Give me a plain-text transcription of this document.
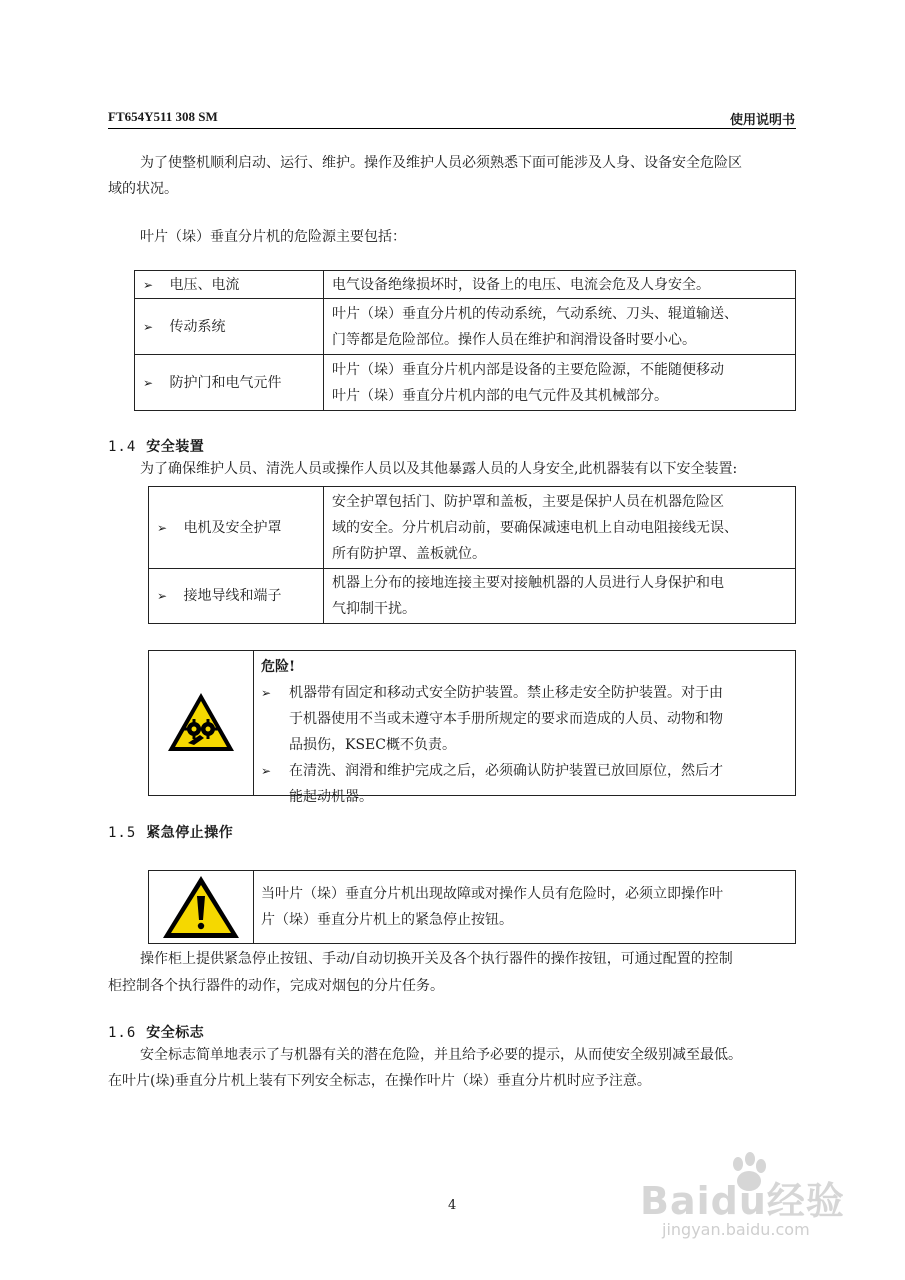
FT654Y511 308 SM	使用说明书

为了使整机顺利启动、运行、维护。操作及维护人员必须熟悉下面可能涉及人身、设备安全危险区

域的状况。

叶片（垛）垂直分片机的危险源主要包括：

➢ 电压、电流	电气设备绝缘损坏时，设备上的电压、电流会危及人身安全。

➢ 传动系统	叶片（垛）垂直分片机的传动系统，气动系统、刀头、辊道输送、
门等都是危险部位。操作人员在维护和润滑设备时要小心。

➢ 防护门和电气元件	叶片（垛）垂直分片机内部是设备的主要危险源，不能随便移动
叶片（垛）垂直分片机内部的电气元件及其机械部分。
1.4 安全装置

为了确保维护人员、清洗人员或操作人员以及其他暴露人员的人身安全,此机器装有以下安全装置:

➢ 电机及安全护罩	安全护罩包括门、防护罩和盖板，主要是保护人员在机器危险区
域的安全。分片机启动前，要确保减速电机上自动电阻接线无误、
所有防护罩、盖板就位。

➢ 接地导线和端子	机器上分布的接地连接主要对接触机器的人员进行人身保护和电
气抑制干扰。
危险!
➢	机器带有固定和移动式安全防护装置。禁止移走安全防护装置。对于由
于机器使用不当或未遵守本手册所规定的要求而造成的人员、动物和物
品损伤，KSEC概不负责。
➢	在清洗、润滑和维护完成之后，必须确认防护装置已放回原位，然后才
能起动机器。
1.5 紧急停止操作
当叶片（垛）垂直分片机出现故障或对操作人员有危险时，必须立即操作叶
片（垛）垂直分片机上的紧急停止按钮。

操作柜上提供紧急停止按钮、手动/自动切换开关及各个执行器件的操作按钮，可通过配置的控制

柜控制各个执行器件的动作，完成对烟包的分片任务。

1.6 安全标志

安全标志简单地表示了与机器有关的潜在危险，并且给予必要的提示，从而使安全级别减至最低。

在叶片(垛)垂直分片机上装有下列安全标志，在操作叶片（垛）垂直分片机时应予注意。

4	Baidu经验
jingyan.baidu.com
